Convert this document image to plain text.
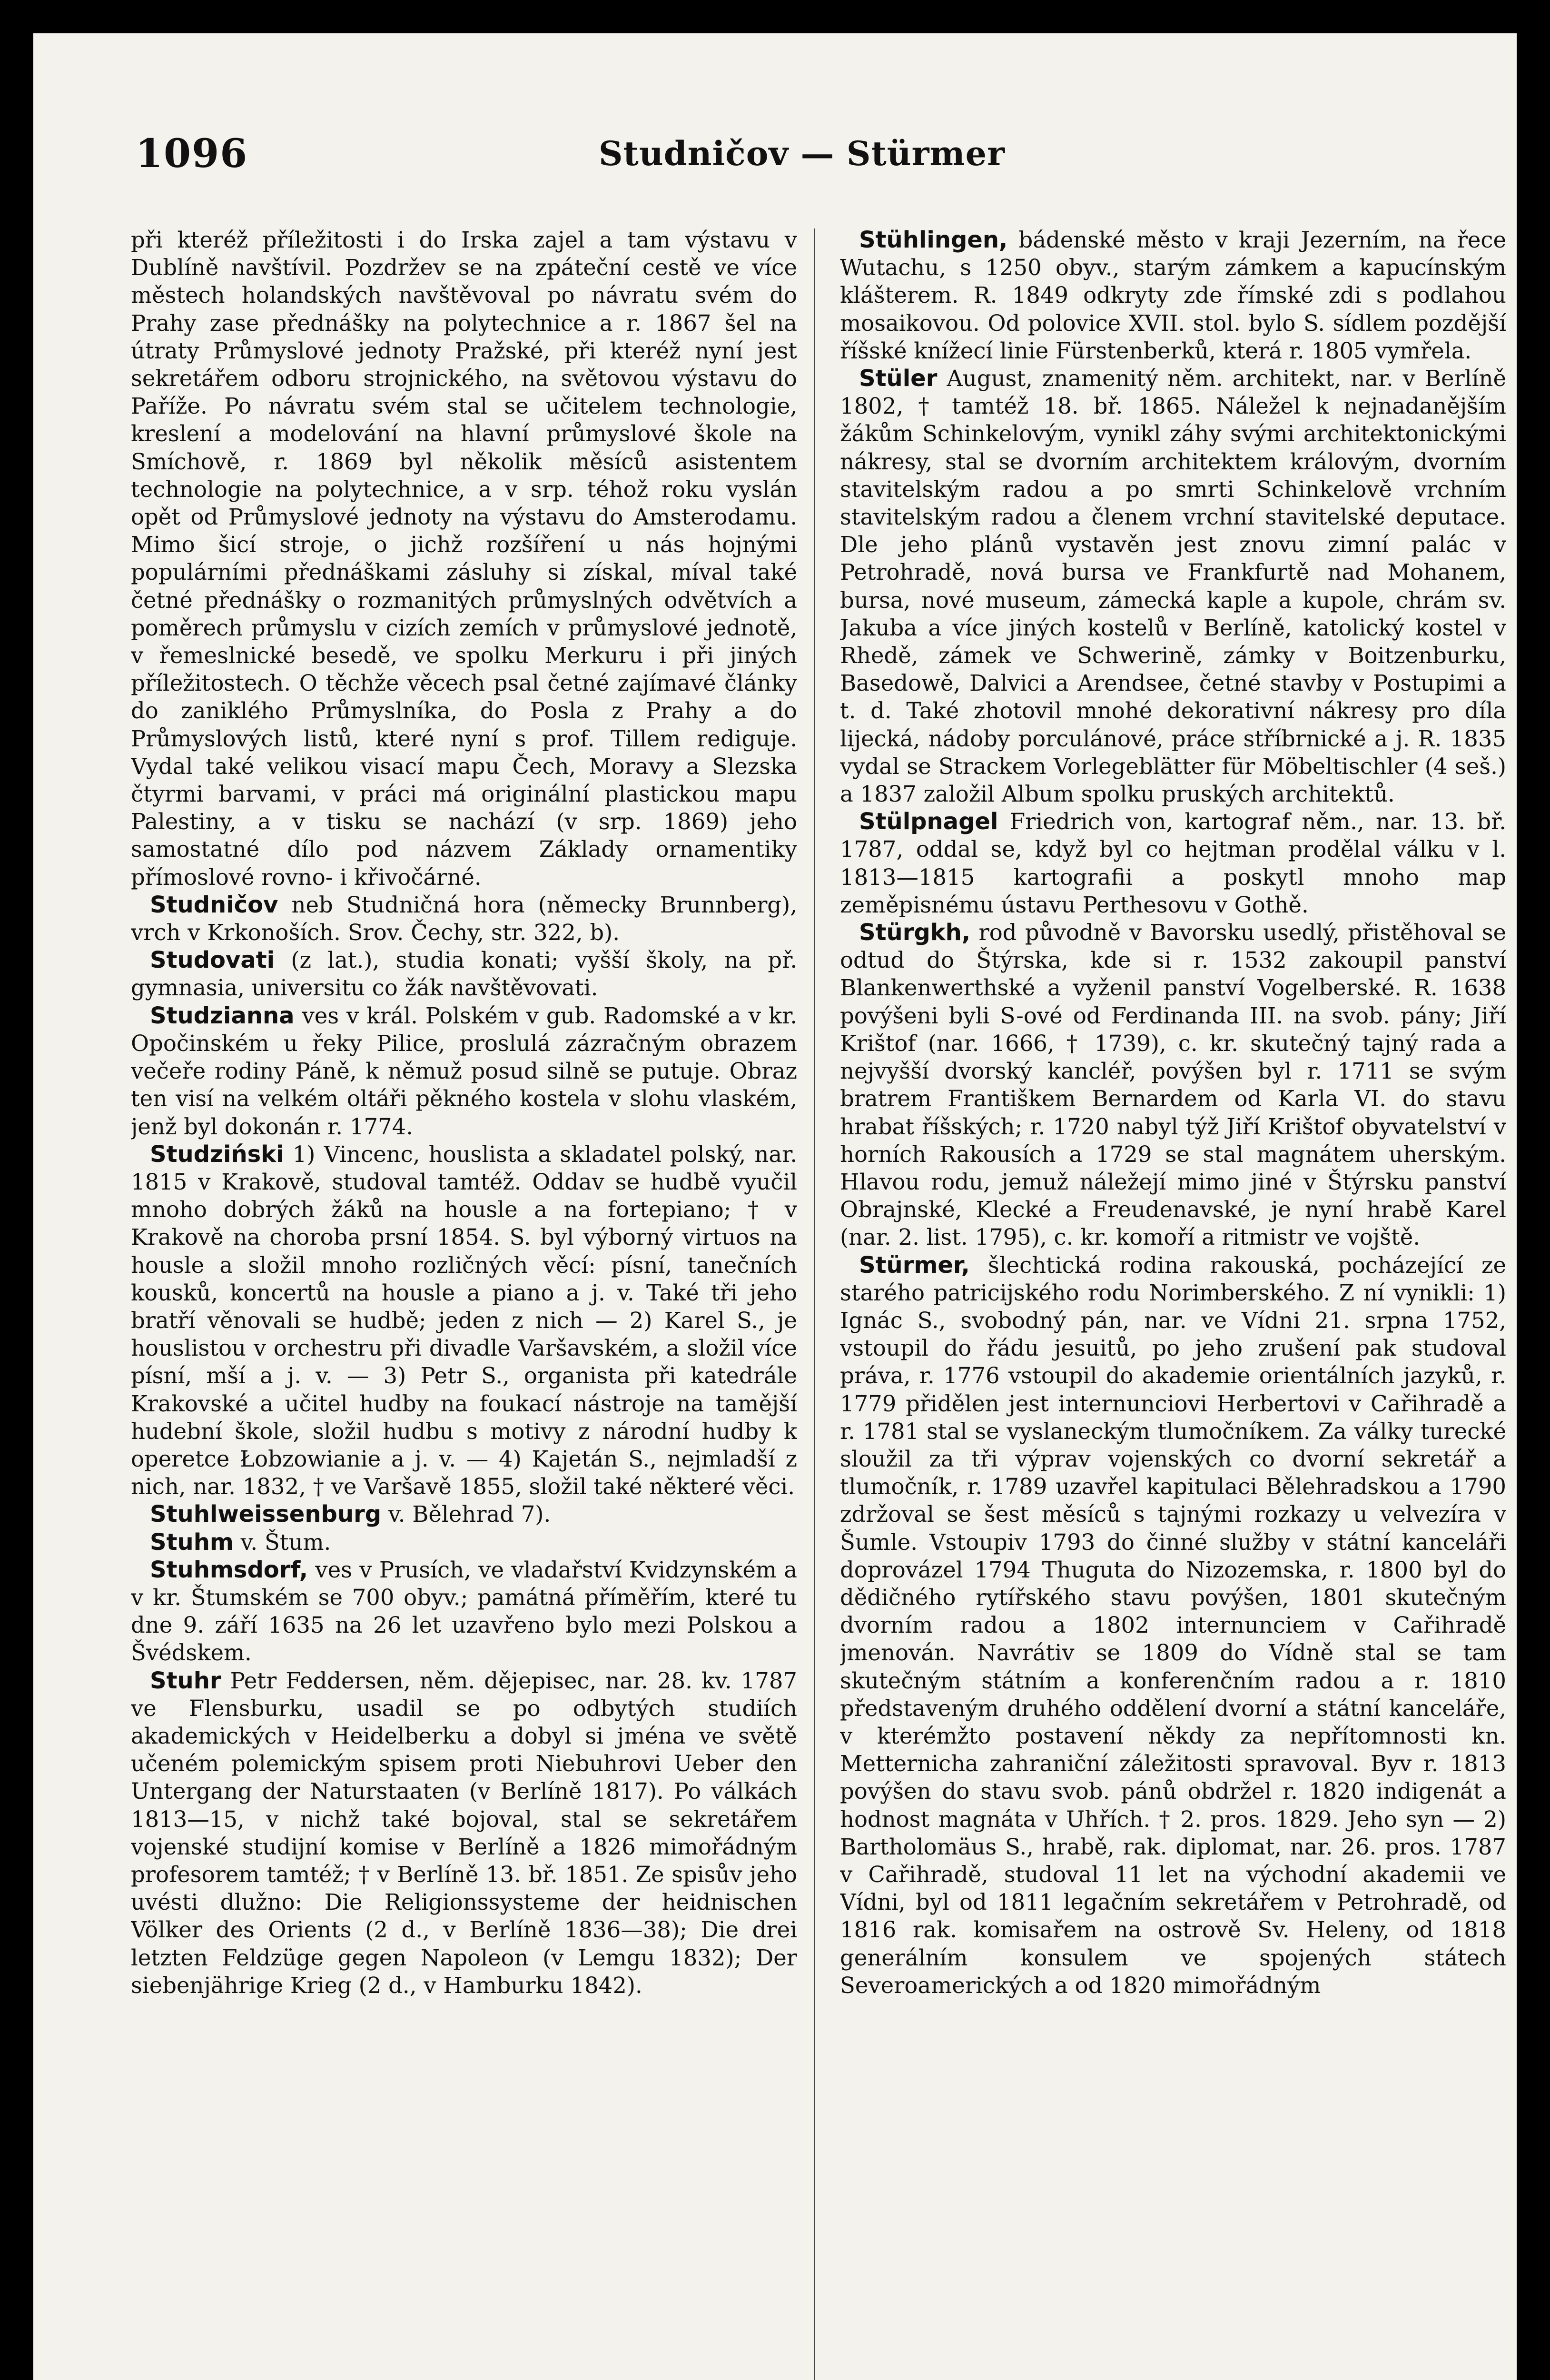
1096	Studničov — Stürmer

při kteréž příležitosti i do Irska zajel a tam výstavu v Dublíně navštívil. Pozdržev se na zpáteční cestě ve více městech holandských navštěvoval po návratu svém do Prahy zase přednášky na polytechnice a r. 1867 šel na útraty Průmyslové jednoty Pražské, při kteréž nyní jest sekretářem odboru strojnického, na světovou výstavu do Paříže. Po návratu svém stal se učitelem technologie, kreslení a modelování na hlavní průmyslové škole na Smíchově, r. 1869 byl několik měsíců asistentem technologie na polytechnice, a v srp. téhož roku vyslán opět od Průmyslové jednoty na výstavu do Amsterodamu. Mimo šicí stroje, o jichž rozšíření u nás hojnými populárními přednáškami zásluhy si získal, míval také četné přednášky o rozmanitých průmyslných odvětvích a poměrech průmyslu v cizích zemích v průmyslové jednotě, v řemeslnické besedě, ve spolku Merkuru i při jiných příležitostech. O těchže věcech psal četné zajímavé články do zaniklého Průmyslníka, do Posla z Prahy a do Průmyslových listů, které nyní s prof. Tillem rediguje. Vydal také velikou visací mapu Čech, Moravy a Slezska čtyrmi barvami, v práci má originální plastickou mapu Palestiny, a v tisku se nachází (v srp. 1869) jeho samostatné dílo pod názvem Základy ornamentiky přímoslové rovno- i křivočárné.

Studničov neb Studničná hora (německy Brunnberg), vrch v Krkonoších. Srov. Čechy, str. 322, b).

Studovati (z lat.), studia konati; vyšší školy, na př. gymnasia, universitu co žák navštěvovati.

Studzianna ves v král. Polském v gub. Radomské a v kr. Opočinském u řeky Pilice, proslulá zázračným obrazem večeře rodiny Páně, k němuž posud silně se putuje. Obraz ten visí na velkém oltáři pěkného kostela v slohu vlaském, jenž byl dokonán r. 1774.

Studziński 1) Vincenc, houslista a skladatel polský, nar. 1815 v Krakově, studoval tamtéž. Oddav se hudbě vyučil mnoho dobrých žáků na housle a na fortepiano; † v Krakově na choroba prsní 1854. S. byl výborný virtuos na housle a složil mnoho rozličných věcí: písní, tanečních kousků, koncertů na housle a piano a j. v. Také tři jeho bratří věnovali se hudbě; jeden z nich — 2) Karel S., je houslistou v orchestru při divadle Varšavském, a složil více písní, mší a j. v. — 3) Petr S., organista při katedrále Krakovské a učitel hudby na foukací nástroje na tamější hudební škole, složil hudbu s motivy z národní hudby k operetce Łobzowianie a j. v. — 4) Kajetán S., nejmladší z nich, nar. 1832, † ve Varšavě 1855, složil také některé věci.

Stuhlweissenburg v. Bělehrad 7).

Stuhm v. Štum.

Stuhmsdorf, ves v Prusích, ve vladařství Kvidzynském a v kr. Štumském se 700 obyv.; památná příměřím, které tu dne 9. září 1635 na 26 let uzavřeno bylo mezi Polskou a Švédskem.

Stuhr Petr Feddersen, něm. dějepisec, nar. 28. kv. 1787 ve Flensburku, usadil se po odbytých studiích akademických v Heidelberku a dobyl si jména ve světě učeném polemickým spisem proti Niebuhrovi Ueber den Untergang der Naturstaaten (v Berlíně 1817). Po válkách 1813—15, v nichž také bojoval, stal se sekretářem vojenské studijní komise v Berlíně a 1826 mimořádným profesorem tamtéž; † v Berlíně 13. bř. 1851. Ze spisův jeho uvésti dlužno: Die Religionssysteme der heidnischen Völker des Orients (2 d., v Berlíně 1836—38); Die drei letzten Feldzüge gegen Napoleon (v Lemgu 1832); Der siebenjährige Krieg (2 d., v Hamburku 1842).

Stühlingen, bádenské město v kraji Jezerním, na řece Wutachu, s 1250 obyv., starým zámkem a kapucínským klášterem. R. 1849 odkryty zde římské zdi s podlahou mosaikovou. Od polovice XVII. stol. bylo S. sídlem pozdější říšské knížecí linie Fürstenberků, která r. 1805 vymřela.

Stüler August, znamenitý něm. architekt, nar. v Berlíně 1802, † tamtéž 18. bř. 1865. Náležel k nejnadanějším žákům Schinkelovým, vynikl záhy svými architektonickými nákresy, stal se dvorním architektem královým, dvorním stavitelským radou a po smrti Schinkelově vrchním stavitelským radou a členem vrchní stavitelské deputace. Dle jeho plánů vystavěn jest znovu zimní palác v Petrohradě, nová bursa ve Frankfurtě nad Mohanem, bursa, nové museum, zámecká kaple a kupole, chrám sv. Jakuba a více jiných kostelů v Berlíně, katolický kostel v Rhedě, zámek ve Schwerině, zámky v Boitzenburku, Basedowě, Dalvici a Arendsee, četné stavby v Postupimi a t. d. Také zhotovil mnohé dekorativní nákresy pro díla lijecká, nádoby porculánové, práce stříbrnické a j. R. 1835 vydal se Strackem Vorlegeblätter für Möbeltischler (4 seš.) a 1837 založil Album spolku pruských architektů.

Stülpnagel Friedrich von, kartograf něm., nar. 13. bř. 1787, oddal se, když byl co hejtman prodělal válku v l. 1813—1815 kartografii a poskytl mnoho map zeměpisnému ústavu Perthesovu v Gothě.

Stürgkh, rod původně v Bavorsku usedlý, přistěhoval se odtud do Štýrska, kde si r. 1532 zakoupil panství Blankenwerthské a vyženil panství Vogelberské. R. 1638 povýšeni byli S-ové od Ferdinanda III. na svob. pány; Jiří Krištof (nar. 1666, † 1739), c. kr. skutečný tajný rada a nejvyšší dvorský kancléř, povýšen byl r. 1711 se svým bratrem Františkem Bernardem od Karla VI. do stavu hrabat říšských; r. 1720 nabyl týž Jiří Krištof obyvatelství v horních Rakousích a 1729 se stal magnátem uherským. Hlavou rodu, jemuž náležejí mimo jiné v Štýrsku panství Obrajnské, Klecké a Freudenavské, je nyní hrabě Karel (nar. 2. list. 1795), c. kr. komoří a ritmistr ve vojště.

Stürmer, šlechtická rodina rakouská, pocházející ze starého patricijského rodu Norimberského. Z ní vynikli: 1) Ignác S., svobodný pán, nar. ve Vídni 21. srpna 1752, vstoupil do řádu jesuitů, po jeho zrušení pak studoval práva, r. 1776 vstoupil do akademie orientálních jazyků, r. 1779 přidělen jest internunciovi Herbertovi v Cařihradě a r. 1781 stal se vyslaneckým tlumočníkem. Za války turecké sloužil za tři výprav vojenských co dvorní sekretář a tlumočník, r. 1789 uzavřel kapitulaci Bělehradskou a 1790 zdržoval se šest měsíců s tajnými rozkazy u velvezíra v Šumle. Vstoupiv 1793 do činné služby v státní kanceláři doprovázel 1794 Thuguta do Nizozemska, r. 1800 byl do dědičného rytířského stavu povýšen, 1801 skutečným dvorním radou a 1802 internunciem v Cařihradě jmenován. Navrátiv se 1809 do Vídně stal se tam skutečným státním a konferenčním radou a r. 1810 představeným druhého oddělení dvorní a státní kanceláře, v kterémžto postavení někdy za nepřítomnosti kn. Metternicha zahraniční záležitosti spravoval. Byv r. 1813 povýšen do stavu svob. pánů obdržel r. 1820 indigenát a hodnost magnáta v Uhřích. † 2. pros. 1829. Jeho syn — 2) Bartholomäus S., hrabě, rak. diplomat, nar. 26. pros. 1787 v Cařihradě, studoval 11 let na východní akademii ve Vídni, byl od 1811 legačním sekretářem v Petrohradě, od 1816 rak. komisařem na ostrově Sv. Heleny, od 1818 generálním konsulem ve spojených státech Severoamerických a od 1820 mimořádným
